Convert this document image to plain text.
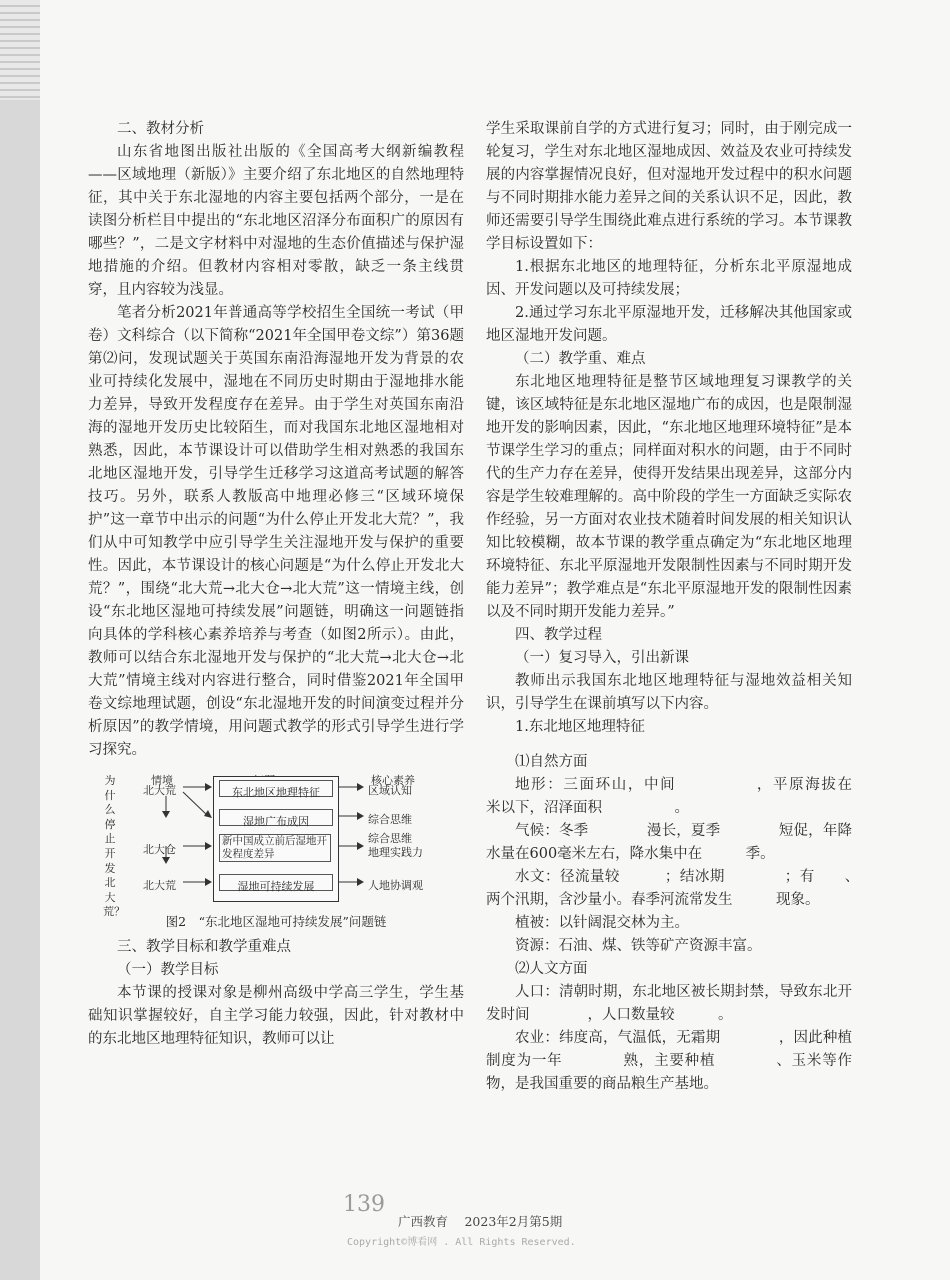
二、教材分析

山东省地图出版社出版的《全国高考大纲新编教程——区域地理（新版）》主要介绍了东北地区的自然地理特征，其中关于东北湿地的内容主要包括两个部分，一是在读图分析栏目中提出的“东北地区沼泽分布面积广的原因有哪些？”，二是文字材料中对湿地的生态价值描述与保护湿地措施的介绍。但教材内容相对零散，缺乏一条主线贯穿，且内容较为浅显。

笔者分析2021年普通高等学校招生全国统一考试（甲卷）文科综合（以下简称“2021年全国甲卷文综”）第36题第⑵问，发现试题关于英国东南沿海湿地开发为背景的农业可持续化发展中，湿地在不同历史时期由于湿地排水能力差异，导致开发程度存在差异。由于学生对英国东南沿海的湿地开发历史比较陌生，而对我国东北地区湿地相对熟悉，因此，本节课设计可以借助学生相对熟悉的我国东北地区湿地开发，引导学生迁移学习这道高考试题的解答技巧。另外，联系人教版高中地理必修三“区域环境保护”这一章节中出示的问题“为什么停止开发北大荒？”，我们从中可知教学中应引导学生关注湿地开发与保护的重要性。因此，本节课设计的核心问题是“为什么停止开发北大荒？”，围绕“北大荒→北大仓→北大荒”这一情境主线，创设“东北地区湿地可持续发展”问题链，明确这一问题链指向具体的学科核心素养培养与考查（如图2所示）。由此，教师可以结合东北湿地开发与保护的“北大荒→北大仓→北大荒”情境主线对内容进行整合，同时借鉴2021年全国甲卷文综地理试题，创设“东北湿地开发的时间演变过程并分析原因”的教学情境，用问题式教学的形式引导学生进行学习探究。

为什么停止开发北大荒？
情境	核心素养
北大荒
北大仓
北大荒
东北地区地理特征
湿地广布成因
新中国成立前后湿地开发程度差异
湿地可持续发展
区域认知
综合思维
综合思维
地理实践力
人地协调观
图2　“东北地区湿地可持续发展”问题链

三、教学目标和教学重难点

（一）教学目标

本节课的授课对象是柳州高级中学高三学生，学生基础知识掌握较好，自主学习能力较强，因此，针对教材中的东北地区地理特征知识，教师可以让

学生采取课前自学的方式进行复习；同时，由于刚完成一轮复习，学生对东北地区湿地成因、效益及农业可持续发展的内容掌握情况良好，但对湿地开发过程中的积水问题与不同时期排水能力差异之间的关系认识不足，因此，教师还需要引导学生围绕此难点进行系统的学习。本节课教学目标设置如下：

1.根据东北地区的地理特征，分析东北平原湿地成因、开发问题以及可持续发展；

2.通过学习东北平原湿地开发，迁移解决其他国家或地区湿地开发问题。

（二）教学重、难点

东北地区地理特征是整节区域地理复习课教学的关键，该区域特征是东北地区湿地广布的成因，也是限制湿地开发的影响因素，因此，“东北地区地理环境特征”是本节课学生学习的重点；同样面对积水的问题，由于不同时代的生产力存在差异，使得开发结果出现差异，这部分内容是学生较难理解的。高中阶段的学生一方面缺乏实际农作经验，另一方面对农业技术随着时间发展的相关知识认知比较模糊，故本节课的教学重点确定为“东北地区地理环境特征、东北平原湿地开发限制性因素与不同时期开发能力差异”；教学难点是“东北平原湿地开发的限制性因素以及不同时期开发能力差异。”

四、教学过程

（一）复习导入，引出新课

教师出示我国东北地区地理特征与湿地效益相关知识，引导学生在课前填写以下内容。

1.东北地区地理特征

⑴自然方面

地形：三面环山，中间　　　　　，平原海拔在　　米以下，沼泽面积　　　　　。

气候：冬季　　　　漫长，夏季　　　　短促，年降水量在600毫米左右，降水集中在　　　季。

水文：径流量较　　　；结冰期　　　　；有　　、　　两个汛期，含沙量小。春季河流常发生　　　现象。

植被：以针阔混交林为主。

资源：石油、煤、铁等矿产资源丰富。

⑵人文方面

人口：清朝时期，东北地区被长期封禁，导致东北开发时间　　　　，人口数量较　　　。

农业：纬度高，气温低，无霜期　　　　，因此种植制度为一年　　　　熟，主要种植　　　　、玉米等作物，是我国重要的商品粮生产基地。

139
广西教育　 2023年2月第5期
Copyright©博看网 . All Rights Reserved.
